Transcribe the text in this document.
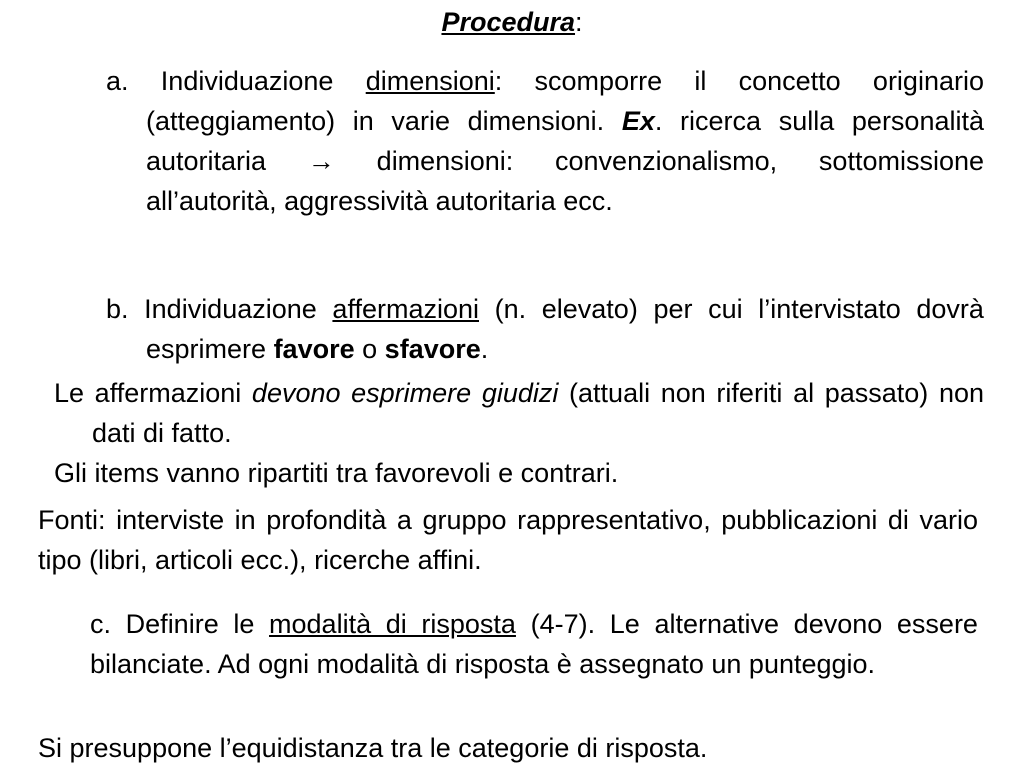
Procedura:
a. Individuazione dimensioni: scomporre il concetto originario (atteggiamento) in varie dimensioni. Ex. ricerca sulla personalità autoritaria → dimensioni: convenzionalismo, sottomissione all’autorità, aggressività autoritaria ecc.
b. Individuazione affermazioni (n. elevato) per cui l’intervistato dovrà esprimere favore o sfavore.
Le affermazioni devono esprimere giudizi (attuali non riferiti al passato) non dati di fatto.
Gli items vanno ripartiti tra favorevoli e contrari.
Fonti: interviste in profondità a gruppo rappresentativo, pubblicazioni di vario tipo (libri, articoli ecc.), ricerche affini.
c. Definire le modalità di risposta (4-7). Le alternative devono essere bilanciate. Ad ogni modalità di risposta è assegnato un punteggio.
Si presuppone l’equidistanza tra le categorie di risposta.
